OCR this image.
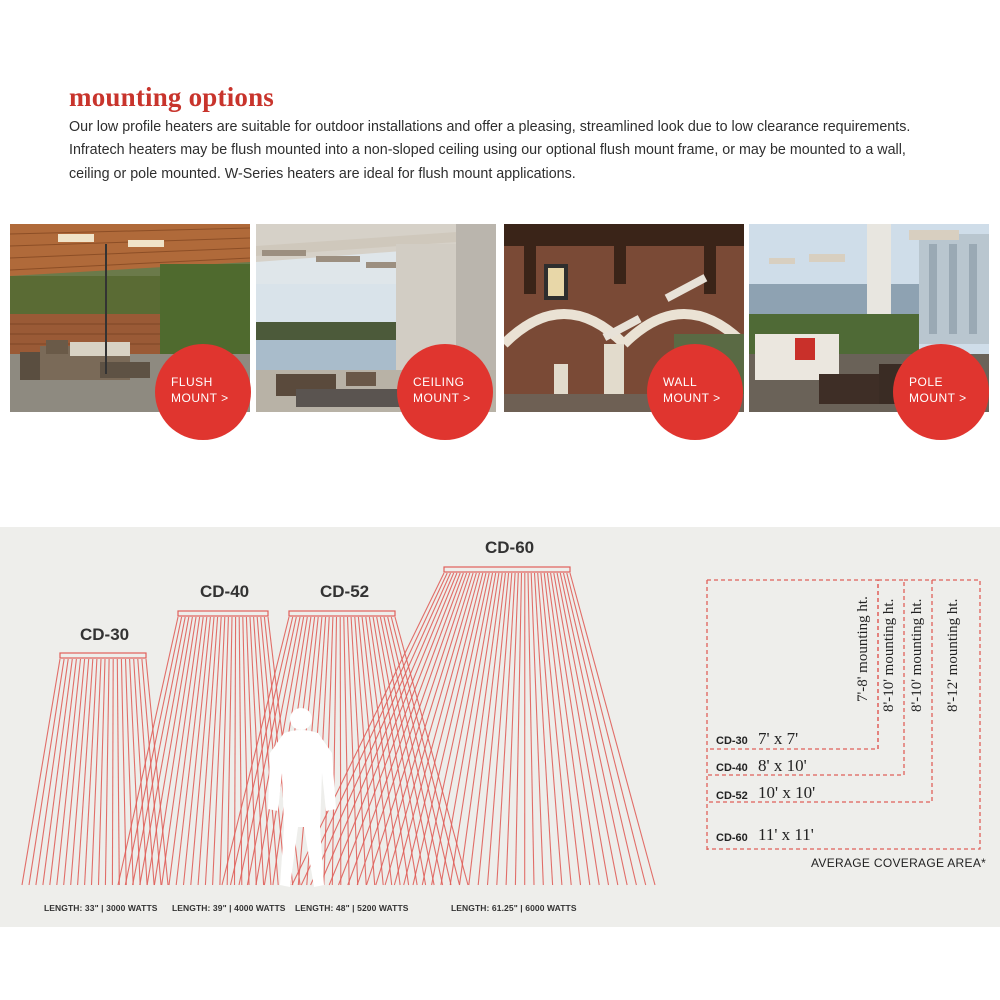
mounting options

Our low profile heaters are suitable for outdoor installations and offer a pleasing, streamlined look due to low clearance requirements. Infratech heaters may be flush mounted into a non-sloped ceiling using our optional flush mount frame, or may be mounted to a wall, ceiling or pole mounted. W-Series heaters are ideal for flush mount applications.

FLUSH
MOUNT >
CEILING
MOUNT >
WALL
MOUNT >
POLE
MOUNT >
CD-30
CD-40	CD-52
CD-60
LENGTH: 33" | 3000 WATTS LENGTH: 39" | 4000 WATTS LENGTH: 48" | 5200 WATTS	LENGTH: 61.25" | 6000 WATTS
7'-8' mounting ht. 8'-10' mounting ht. 8'-10' mounting ht. 8'-12' mounting ht.
CD-30 7' x 7'
CD-40 8' x 10'
CD-52 10' x 10'
CD-60 11' x 11'
AVERAGE COVERAGE AREA*
